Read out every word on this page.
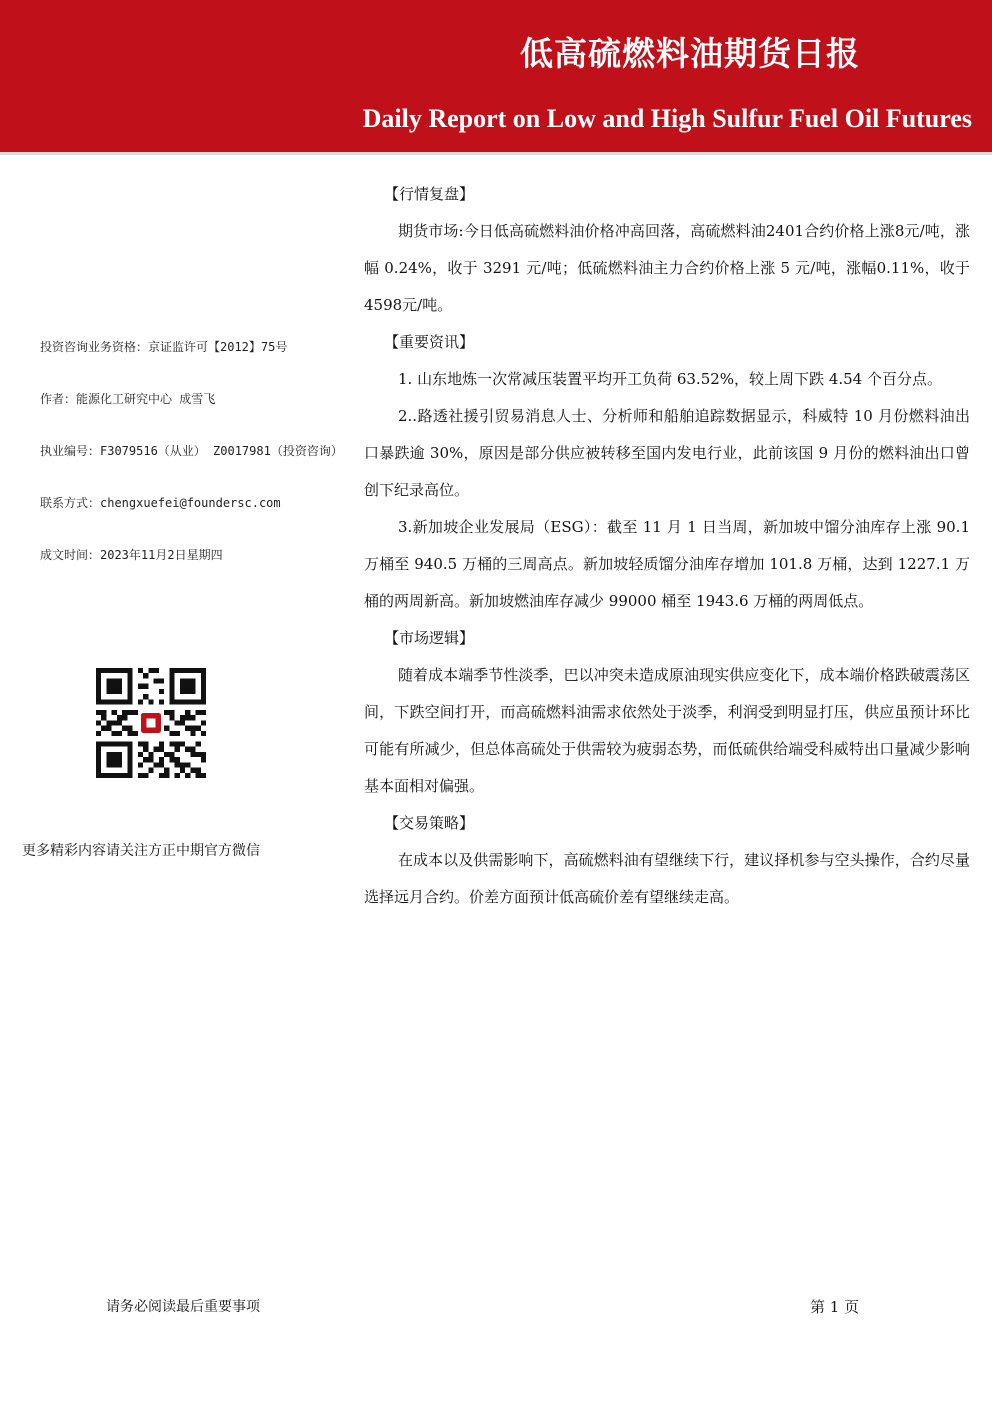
低高硫燃料油期货日报
Daily Report on Low and High Sulfur Fuel Oil Futures
投资咨询业务资格：京证监许可【2012】75号
作者：能源化工研究中心 成雪飞
执业编号：F3079516（从业） Z0017981（投资咨询）
联系方式：chengxuefei@foundersc.com
成文时间：2023年11月2日星期四
更多精彩内容请关注方正中期官方微信

【行情复盘】

期货市场:今日低高硫燃料油价格冲高回落，高硫燃料油2401合约价格上涨8元/吨，涨幅 0.24%，收于 3291 元/吨；低硫燃料油主力合约价格上涨 5 元/吨，涨幅0.11%，收于4598元/吨。

【重要资讯】

1. 山东地炼一次常减压装置平均开工负荷 63.52%，较上周下跌 4.54 个百分点。

2..路透社援引贸易消息人士、分析师和船舶追踪数据显示，科威特 10 月份燃料油出口暴跌逾 30%，原因是部分供应被转移至国内发电行业，此前该国 9 月份的燃料油出口曾创下纪录高位。

3.新加坡企业发展局（ESG）：截至 11 月 1 日当周，新加坡中馏分油库存上涨 90.1 万桶至 940.5 万桶的三周高点。新加坡轻质馏分油库存增加 101.8 万桶，达到 1227.1 万桶的两周新高。新加坡燃油库存减少 99000 桶至 1943.6 万桶的两周低点。

【市场逻辑】

随着成本端季节性淡季，巴以冲突未造成原油现实供应变化下，成本端价格跌破震荡区间，下跌空间打开，而高硫燃料油需求依然处于淡季，利润受到明显打压，供应虽预计环比可能有所减少，但总体高硫处于供需较为疲弱态势，而低硫供给端受科威特出口量减少影响基本面相对偏强。

【交易策略】

在成本以及供需影响下，高硫燃料油有望继续下行，建议择机参与空头操作，合约尽量选择远月合约。价差方面预计低高硫价差有望继续走高。

请务必阅读最后重要事项	第 1 页
